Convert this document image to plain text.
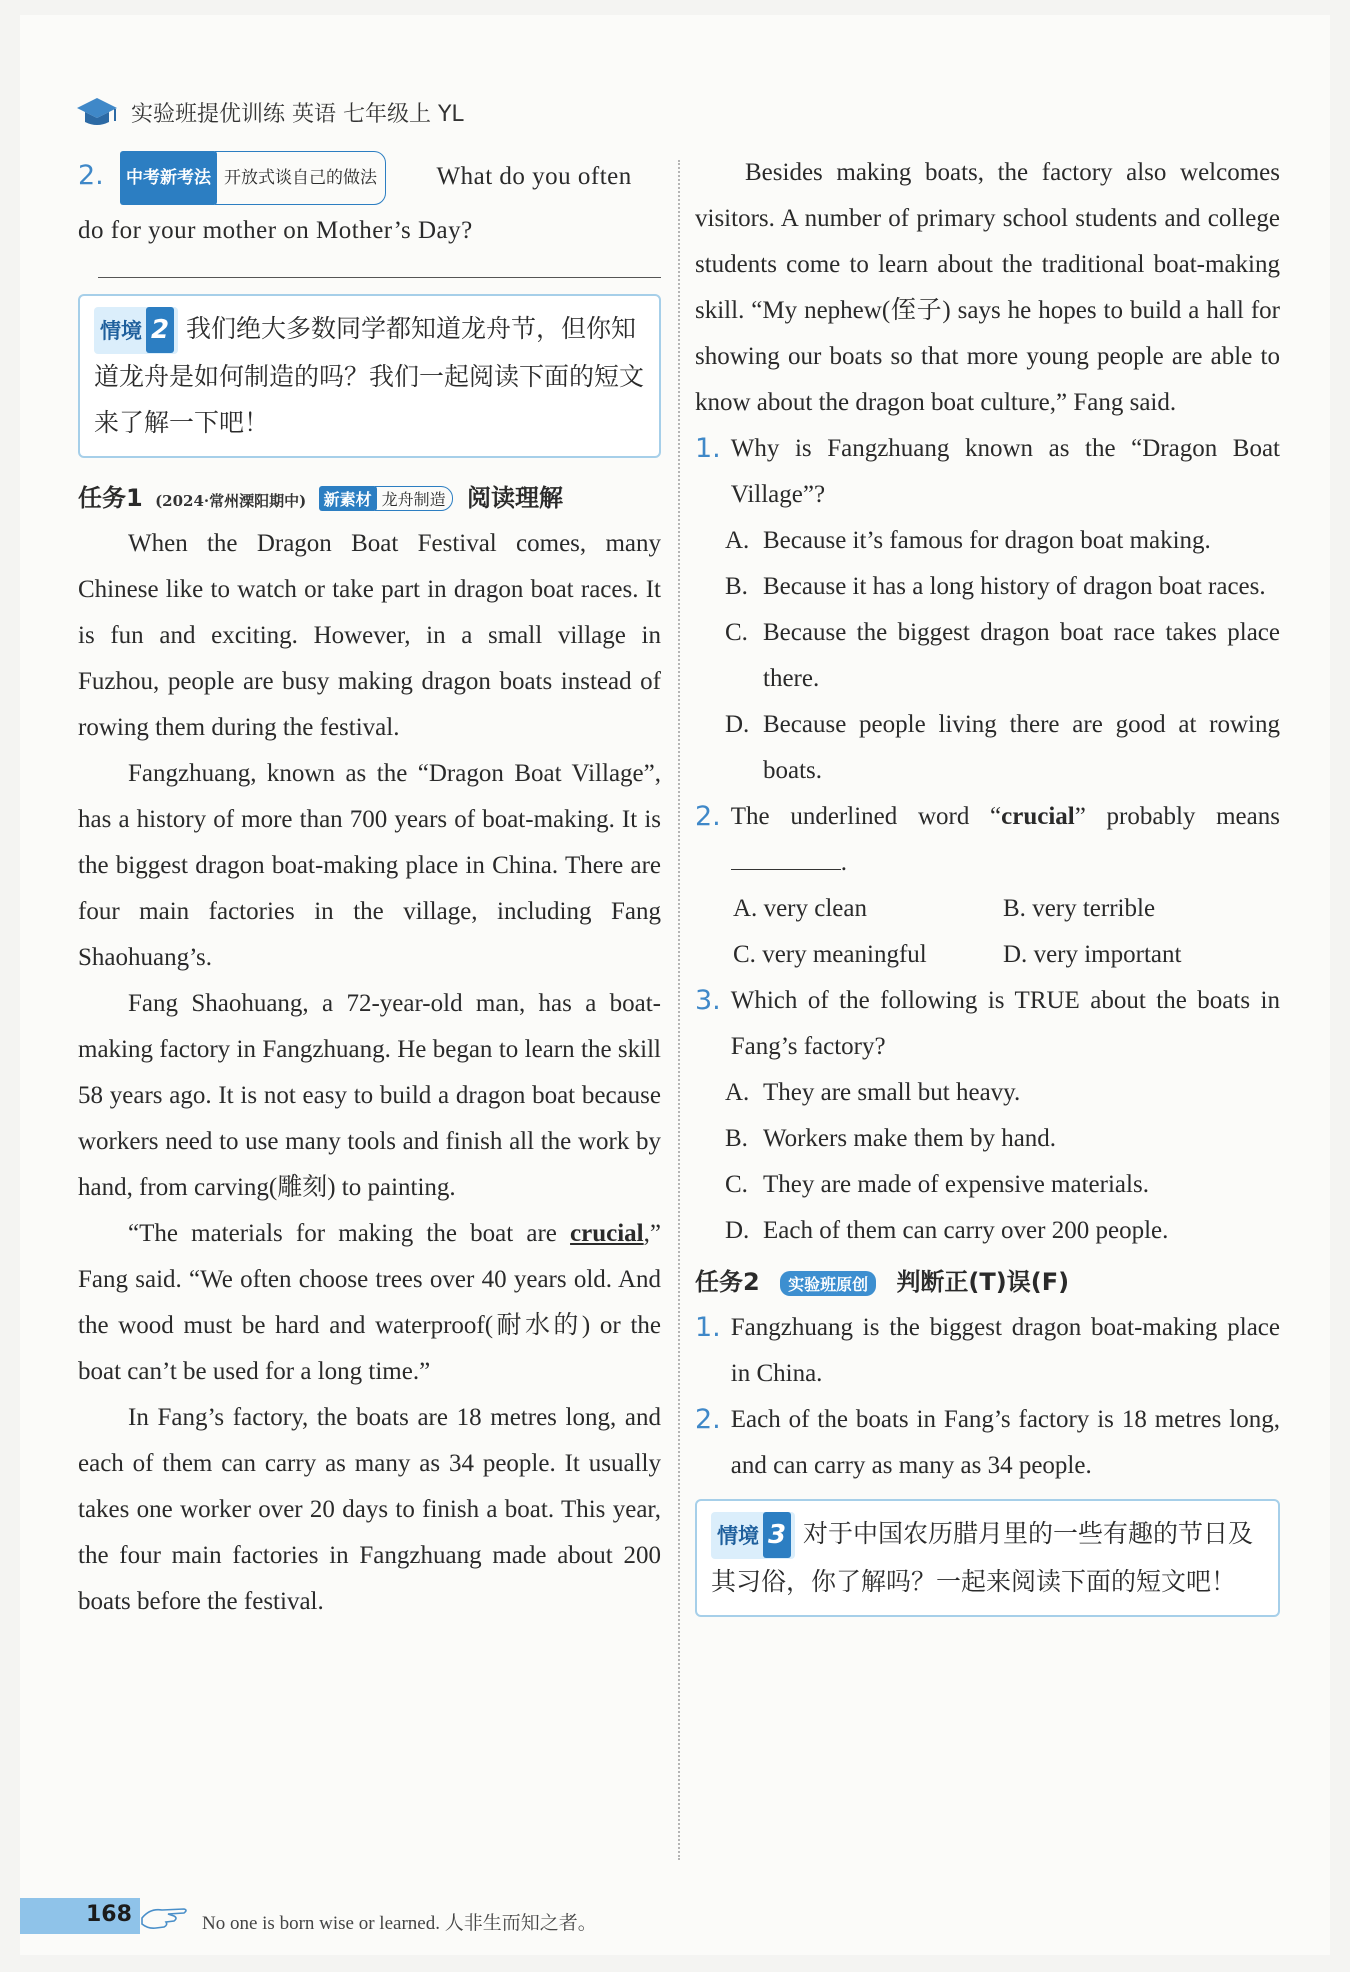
实验班提优训练 英语 七年级上 YL
2. 中考新考法 开放式谈自己的做法 What do you often do for your mother on Mother’s Day?
情境 2 我们绝大多数同学都知道龙舟节，但你知道龙舟是如何制造的吗？我们一起阅读下面的短文来了解一下吧！
任务1 (2024·常州溧阳期中) 新素材 龙舟制造 阅读理解

When the Dragon Boat Festival comes, many Chinese like to watch or take part in dragon boat races. It is fun and exciting. However, in a small village in Fuzhou, people are busy making dragon boats instead of rowing them during the festival.

Fangzhuang, known as the “Dragon Boat Village”, has a history of more than 700 years of boat-making. It is the biggest dragon boat-making place in China. There are four main factories in the village, including Fang Shaohuang’s.

Fang Shaohuang, a 72-year-old man, has a boat-making factory in Fangzhuang. He began to learn the skill 58 years ago. It is not easy to build a dragon boat because workers need to use many tools and finish all the work by hand, from carving(雕刻) to painting.

“The materials for making the boat are crucial,” Fang said. “We often choose trees over 40 years old. And the wood must be hard and waterproof(耐水的) or the boat can’t be used for a long time.”

In Fang’s factory, the boats are 18 metres long, and each of them can carry as many as 34 people. It usually takes one worker over 20 days to finish a boat. This year, the four main factories in Fangzhuang made about 200 boats before the festival.

Besides making boats, the factory also welcomes visitors. A number of primary school students and college students come to learn about the traditional boat-making skill. “My nephew(侄子) says he hopes to build a hall for showing our boats so that more young people are able to know about the dragon boat culture,” Fang said.

1. Why is Fangzhuang known as the “Dragon Boat Village”?
A. Because it’s famous for dragon boat making.
B. Because it has a long history of dragon boat races.
C. Because the biggest dragon boat race takes place there.
D. Because people living there are good at rowing boats.
2. The underlined word “crucial” probably means .
A. very clean	B. very terrible
C. very meaningful	D. very important
3. Which of the following is TRUE about the boats in Fang’s factory?
A. They are small but heavy.
B. Workers make them by hand.
C. They are made of expensive materials.
D. Each of them can carry over 200 people.
任务2 实验班原创 判断正(T)误(F)
1. Fangzhuang is the biggest dragon boat-making place in China.
2. Each of the boats in Fang’s factory is 18 metres long, and can carry as many as 34 people.
情境 3 对于中国农历腊月里的一些有趣的节日及其习俗，你了解吗？一起来阅读下面的短文吧！
168	No one is born wise or learned. 人非生而知之者。
